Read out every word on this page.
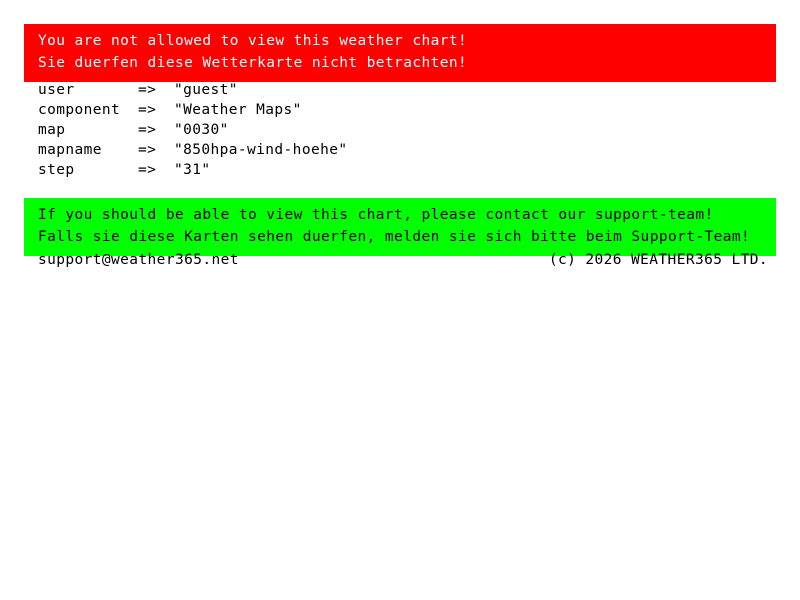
You are not allowed to view this weather chart!
Sie duerfen diese Wetterkarte nicht betrachten!
user	=>	"guest"
component	=>	"Weather Maps"
map	=>	"0030"
mapname	=>	"850hpa-wind-hoehe"
step	=>	"31"
If you should be able to view this chart, please contact our support-team!
Falls sie diese Karten sehen duerfen, melden sie sich bitte beim Support-Team!
support@weather365.net	(c) 2026 WEATHER365 LTD.
